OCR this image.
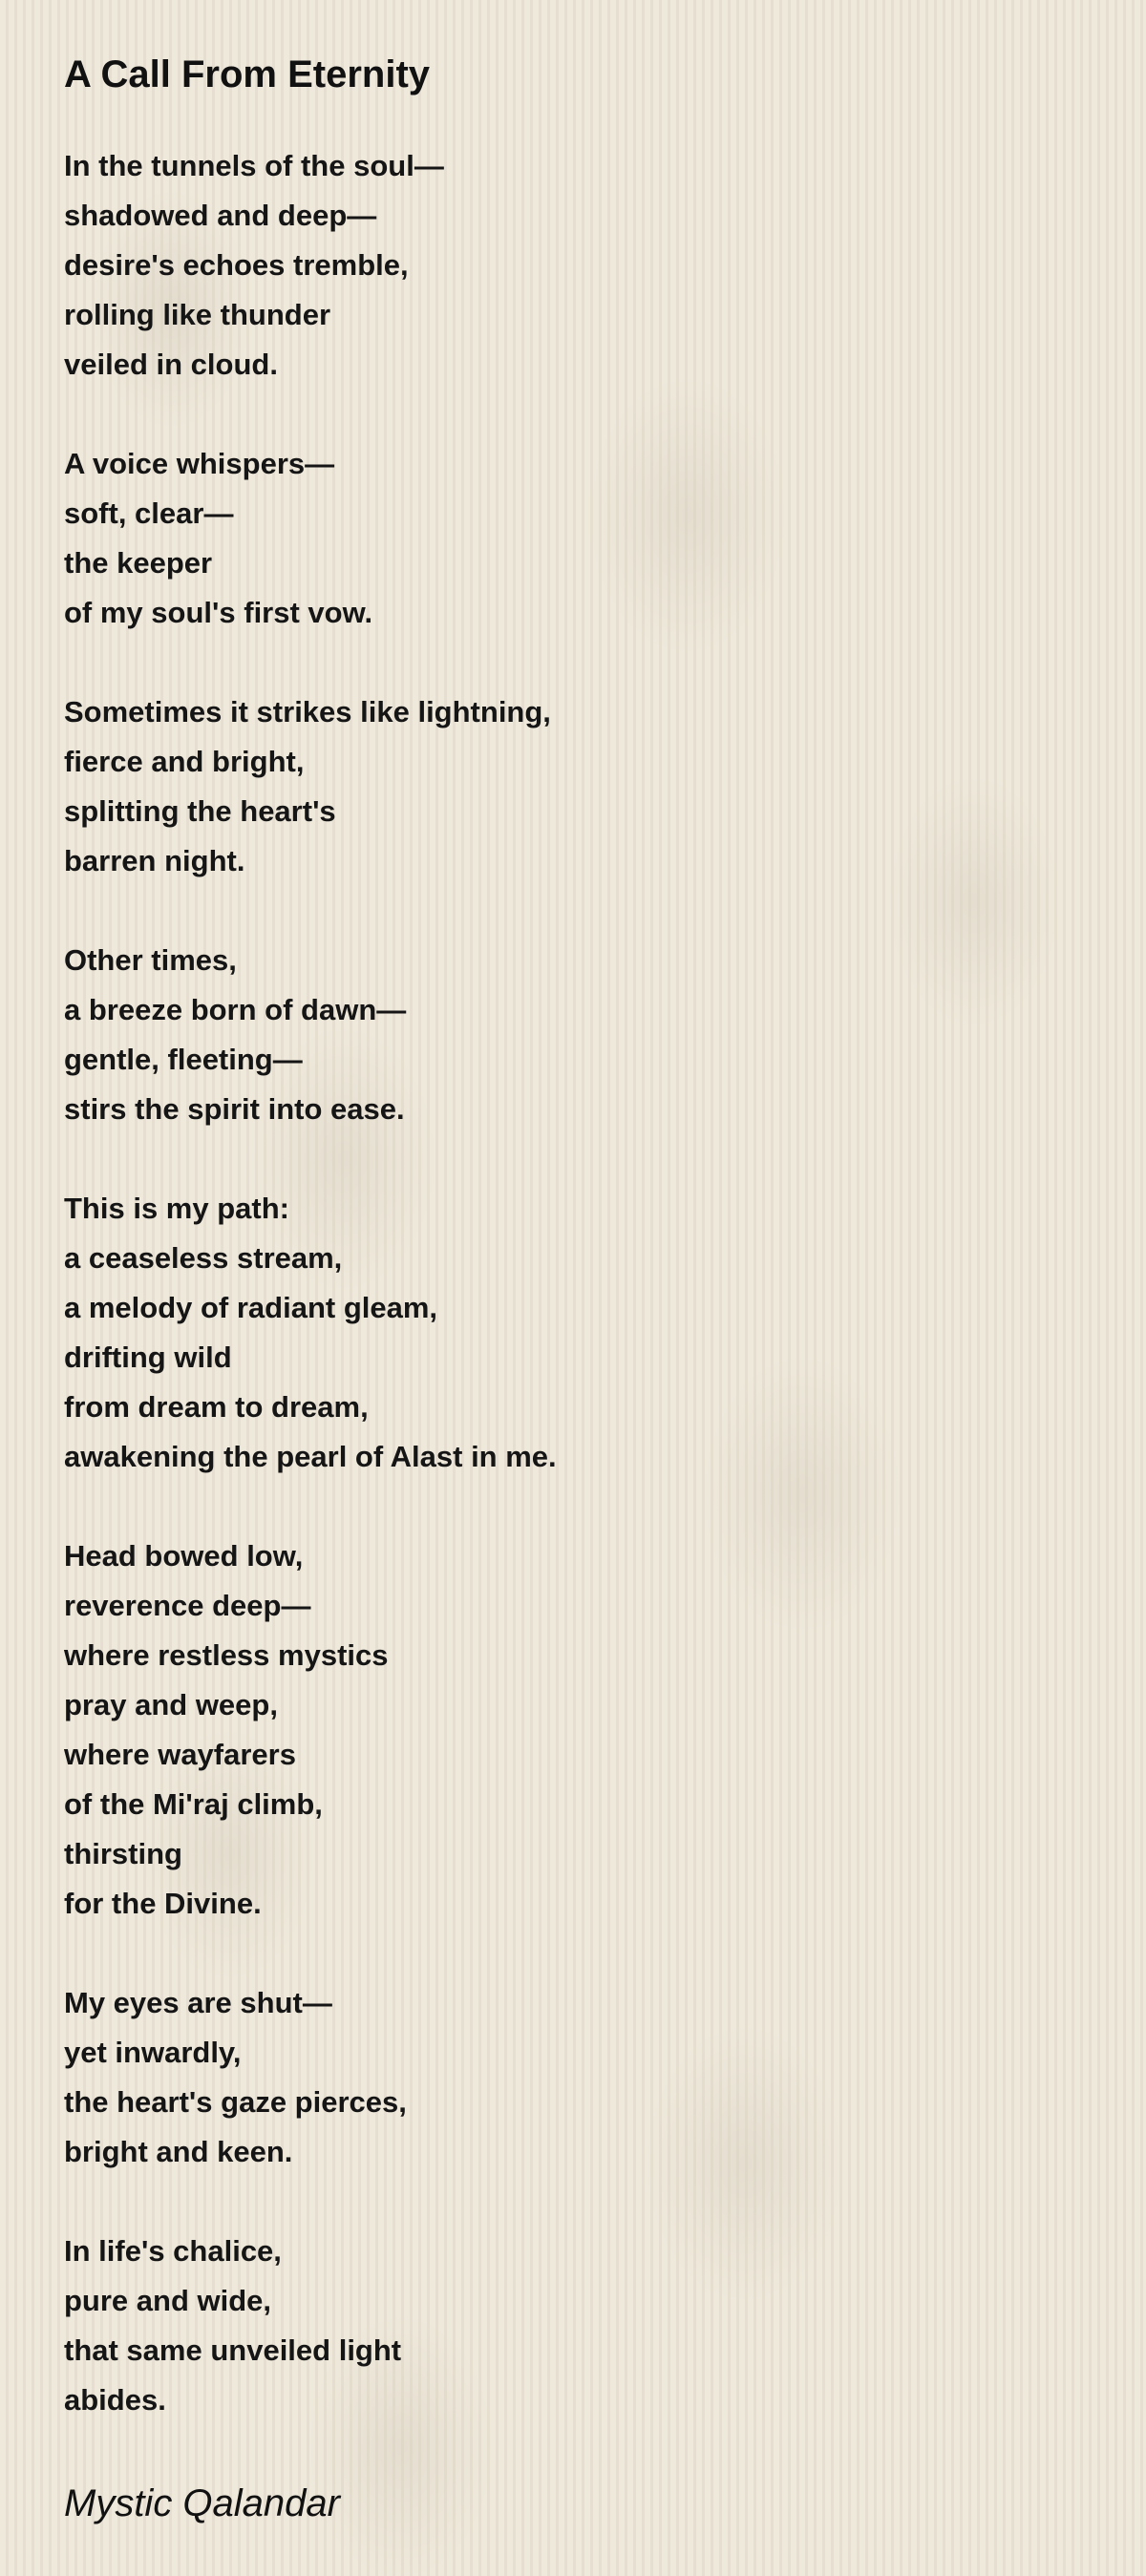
A Call From Eternity
In the tunnels of the soul—
shadowed and deep—
desire's echoes tremble,
rolling like thunder
veiled in cloud.
A voice whispers—
soft, clear—
the keeper
of my soul's first vow.
Sometimes it strikes like lightning,
fierce and bright,
splitting the heart's
barren night.
Other times,
a breeze born of dawn—
gentle, fleeting—
stirs the spirit into ease.
This is my path:
a ceaseless stream,
a melody of radiant gleam,
drifting wild
from dream to dream,
awakening the pearl of Alast in me.
Head bowed low,
reverence deep—
where restless mystics
pray and weep,
where wayfarers
of the Mi'raj climb,
thirsting
for the Divine.
My eyes are shut—
yet inwardly,
the heart's gaze pierces,
bright and keen.
In life's chalice,
pure and wide,
that same unveiled light
abides.
Mystic Qalandar
